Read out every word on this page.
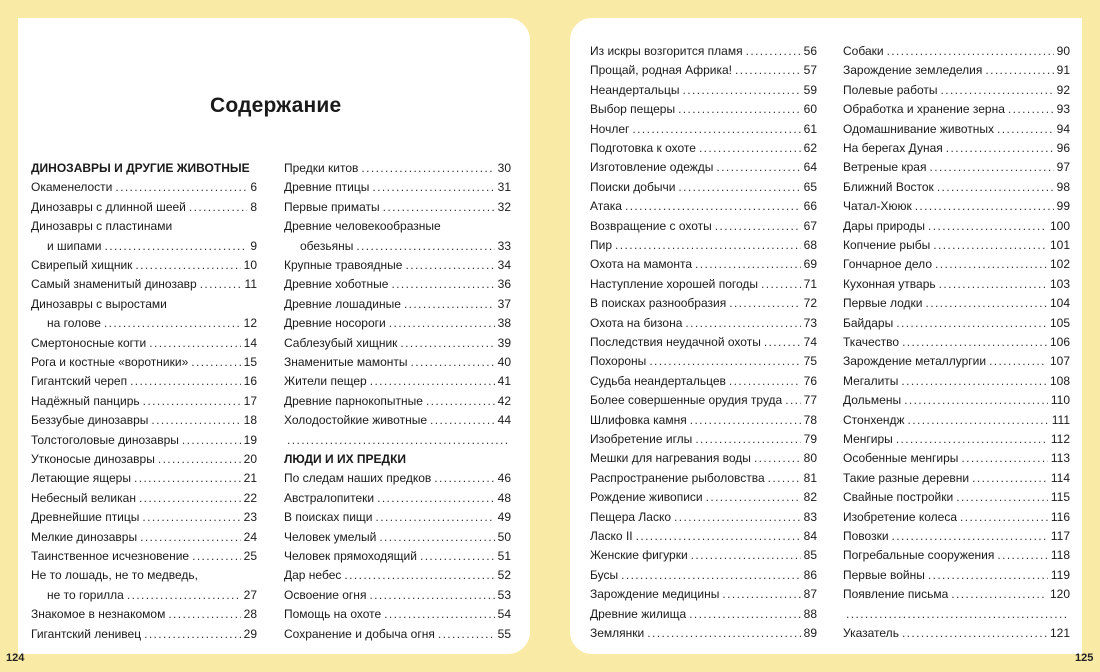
Содержание
ДИНОЗАВРЫ И ДРУГИЕ ЖИВОТНЫЕ
Окаменелости .....	6
Динозавры с длинной шеей .....	8
Динозавры с пластинами
и шипами .....	9
Свирепый хищник .....	10
Самый знаменитый динозавр .....	11
Динозавры с выростами
на голове .....	12
Смертоносные когти .....	14
Рога и костные «воротники» .....	15
Гигантский череп .....	16
Надёжный панцирь .....	17
Беззубые динозавры .....	18
Толстоголовые динозавры .....	19
Утконосые динозавры .....	20
Летающие ящеры .....	21
Небесный великан .....	22
Древнейшие птицы .....	23
Мелкие динозавры .....	24
Таинственное исчезновение .....	25
Не то лошадь, не то медведь,
не то горилла .....	27
Знакомое в незнакомом .....	28
Гигантский ленивец .....	29
Предки китов .....	30
Древние птицы .....	31
Первые приматы .....	32
Древние человекообразные
обезьяны .....	33
Крупные травоядные .....	34
Древние хоботные .....	36
Древние лошадиные .....	37
Древние носороги .....	38
Саблезубый хищник .....	39
Знаменитые мамонты .....	40
Жители пещер .....	41
Древние парнокопытные .....	42
Холодостойкие животные .....	44
.....
ЛЮДИ И ИХ ПРЕДКИ
По следам наших предков .....	46
Австралопитеки .....	48
В поисках пищи .....	49
Человек умелый .....	50
Человек прямоходящий .....	51
Дар небес .....	52
Освоение огня .....	53
Помощь на охоте .....	54
Сохранение и добыча огня .....	55
Из искры возгорится пламя .....	56
Прощай, родная Африка! .....	57
Неандертальцы .....	59
Выбор пещеры .....	60
Ночлег .....	61
Подготовка к охоте .....	62
Изготовление одежды .....	64
Поиски добычи .....	65
Атака .....	66
Возвращение с охоты .....	67
Пир .....	68
Охота на мамонта .....	69
Наступление хорошей погоды .....	71
В поисках разнообразия .....	72
Охота на бизона .....	73
Последствия неудачной охоты .....	74
Похороны .....	75
Судьба неандертальцев .....	76
Более совершенные орудия труда ..... 77
Шлифовка камня .....	78
Изобретение иглы .....	79
Мешки для нагревания воды .....	80
Распространение рыболовства .....	81
Рождение живописи .....	82
Пещера Ласко .....	83
Ласко II .....	84
Женские фигурки .....	85
Бусы .....	86
Зарождение медицины .....	87
Древние жилища .....	88
Землянки .....	89
Собаки .....	90
Зарождение земледелия .....	91
Полевые работы .....	92
Обработка и хранение зерна .....	93
Одомашнивание животных .....	94
На берегах Дуная .....	96
Ветреные края .....	97
Ближний Восток .....	98
Чатал-Хююк .....	99
Дары природы .....	100
Копчение рыбы .....	101
Гончарное дело .....	102
Кухонная утварь .....	103
Первые лодки .....	104
Байдары .....	105
Ткачество .....	106
Зарождение металлургии .....	107
Мегалиты .....	108
Дольмены .....	110
Стонхендж .....	111
Менгиры .....	112
Особенные менгиры .....	113
Такие разные деревни .....	114
Свайные постройки .....	115
Изобретение колеса .....	116
Повозки .....	117
Погребальные сооружения .....	118
Первые войны .....	119
Появление письма .....	120
.....
Указатель .....	121
124	125
